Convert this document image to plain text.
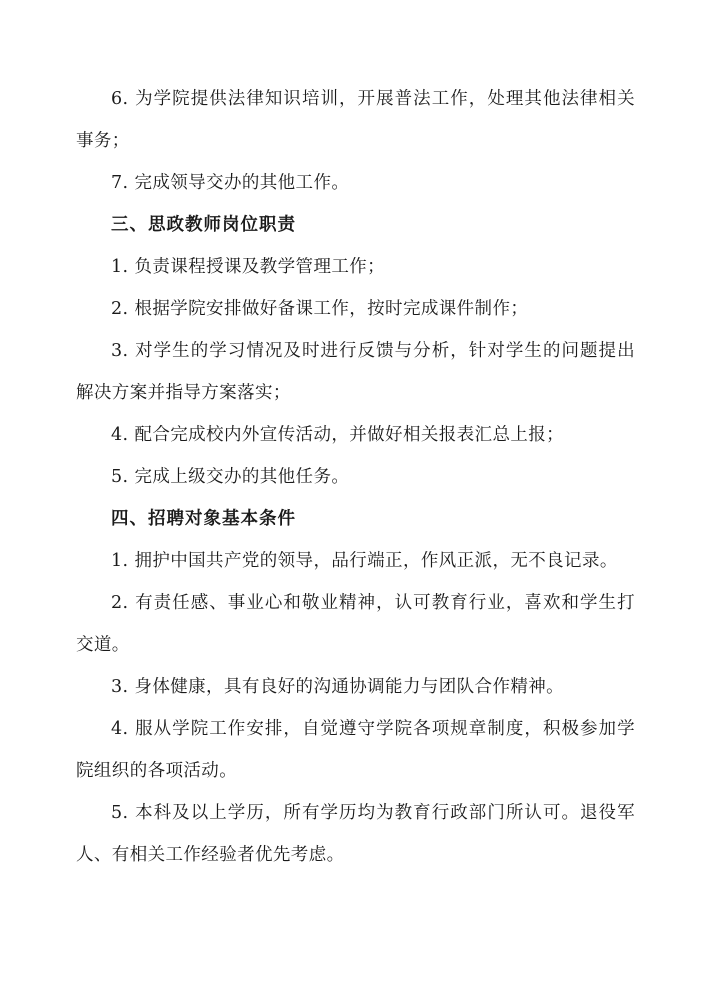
6. 为学院提供法律知识培训，开展普法工作，处理其他法律相关事务；

7. 完成领导交办的其他工作。

三、思政教师岗位职责

1. 负责课程授课及教学管理工作；

2. 根据学院安排做好备课工作，按时完成课件制作；

3. 对学生的学习情况及时进行反馈与分析，针对学生的问题提出解决方案并指导方案落实；

4. 配合完成校内外宣传活动，并做好相关报表汇总上报；

5. 完成上级交办的其他任务。

四、招聘对象基本条件

1. 拥护中国共产党的领导，品行端正，作风正派，无不良记录。

2. 有责任感、事业心和敬业精神，认可教育行业，喜欢和学生打交道。

3. 身体健康，具有良好的沟通协调能力与团队合作精神。

4. 服从学院工作安排，自觉遵守学院各项规章制度，积极参加学院组织的各项活动。

5. 本科及以上学历，所有学历均为教育行政部门所认可。退役军人、有相关工作经验者优先考虑。
